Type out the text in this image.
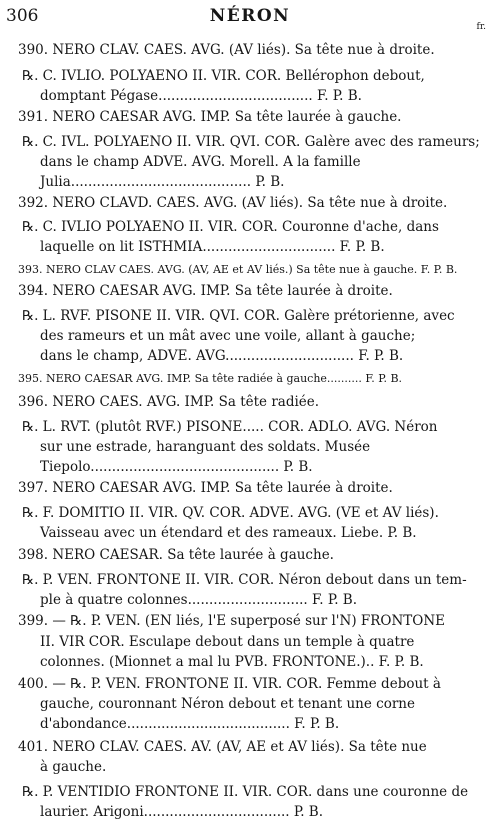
306	NÉRON
fr.
390. NERO CLAV. CAES. AVG. (AV liés). Sa tête nue à droite.
℞. C. IVLIO. POLYAENO II. VIR. COR. Bellérophon debout,
domptant Pégase.................................... F. P. B.
391. NERO CAESAR AVG. IMP. Sa tête laurée à gauche.
℞. C. IVL. POLYAENO II. VIR. QVI. COR. Galère avec des rameurs;
dans le champ ADVE. AVG. Morell. A la famille
Julia.......................................... P. B.
392. NERO CLAVD. CAES. AVG. (AV liés). Sa tête nue à droite.
℞. C. IVLIO POLYAENO II. VIR. COR. Couronne d'ache, dans
laquelle on lit ISTHMIA............................... F. P. B.
393. NERO CLAV CAES. AVG. (AV, AE et AV liés.) Sa tête nue à gauche. F. P. B.
394. NERO CAESAR AVG. IMP. Sa tête laurée à droite.
℞. L. RVF. PISONE II. VIR. QVI. COR. Galère prétorienne, avec
des rameurs et un mât avec une voile, allant à gauche;
dans le champ, ADVE. AVG.............................. F. P. B.
395. NERO CAESAR AVG. IMP. Sa tête radiée à gauche.......... F. P. B.
396. NERO CAES. AVG. IMP. Sa tête radiée.
℞. L. RVT. (plutôt RVF.) PISONE..... COR. ADLO. AVG. Néron
sur une estrade, haranguant des soldats. Musée
Tiepolo............................................ P. B.
397. NERO CAESAR AVG. IMP. Sa tête laurée à droite.
℞. F. DOMITIO II. VIR. QV. COR. ADVE. AVG. (VE et AV liés).
Vaisseau avec un étendard et des rameaux. Liebe. P. B.
398. NERO CAESAR. Sa tête laurée à gauche.
℞. P. VEN. FRONTONE II. VIR. COR. Néron debout dans un tem-
ple à quatre colonnes............................ F. P. B.
399. — ℞. P. VEN. (EN liés, l'E superposé sur l'N) FRONTONE
II. VIR COR. Esculape debout dans un temple à quatre
colonnes. (Mionnet a mal lu PVB. FRONTONE.).. F. P. B.
400. — ℞. P. VEN. FRONTONE II. VIR. COR. Femme debout à
gauche, couronnant Néron debout et tenant une corne
d'abondance...................................... F. P. B.
401. NERO CLAV. CAES. AV. (AV, AE et AV liés). Sa tête nue
à gauche.
℞. P. VENTIDIO FRONTONE II. VIR. COR. dans une couronne de
laurier. Arigoni.................................. P. B.
